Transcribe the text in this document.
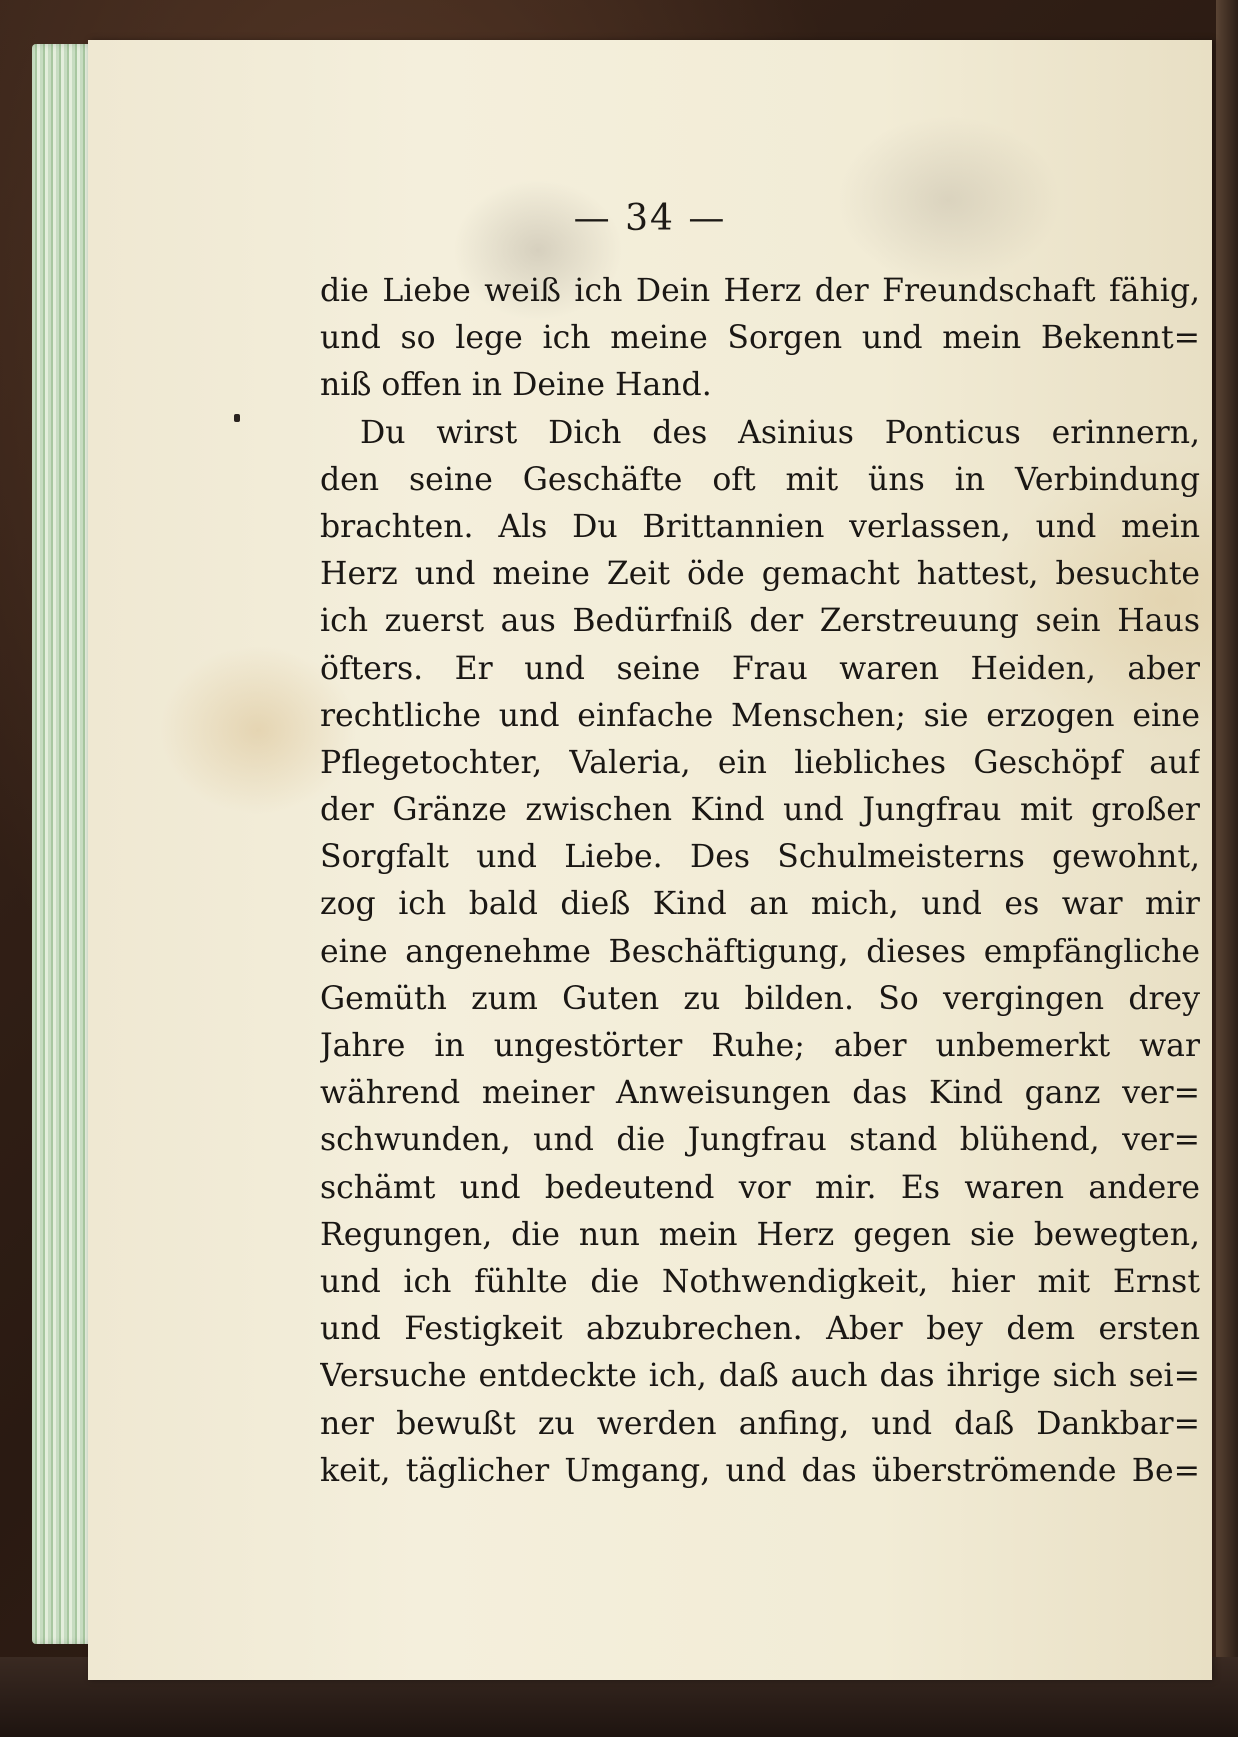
— 34 —
die Liebe weiß ich Dein Herz der Freundschaft fähig,
und so lege ich meine Sorgen und mein Bekennt=
niß offen in Deine Hand.
Du wirst Dich des Asinius Ponticus erinnern,
den seine Geschäfte oft mit üns in Verbindung
brachten. Als Du Brittannien verlassen, und mein
Herz und meine Zeit öde gemacht hattest, besuchte
ich zuerst aus Bedürfniß der Zerstreuung sein Haus
öfters. Er und seine Frau waren Heiden, aber
rechtliche und einfache Menschen; sie erzogen eine
Pflegetochter, Valeria, ein liebliches Geschöpf auf
der Gränze zwischen Kind und Jungfrau mit großer
Sorgfalt und Liebe. Des Schulmeisterns gewohnt,
zog ich bald dieß Kind an mich, und es war mir
eine angenehme Beschäftigung, dieses empfängliche
Gemüth zum Guten zu bilden. So vergingen drey
Jahre in ungestörter Ruhe; aber unbemerkt war
während meiner Anweisungen das Kind ganz ver=
schwunden, und die Jungfrau stand blühend, ver=
schämt und bedeutend vor mir. Es waren andere
Regungen, die nun mein Herz gegen sie bewegten,
und ich fühlte die Nothwendigkeit, hier mit Ernst
und Festigkeit abzubrechen. Aber bey dem ersten
Versuche entdeckte ich, daß auch das ihrige sich sei=
ner bewußt zu werden anfing, und daß Dankbar=
keit, täglicher Umgang, und das überströmende Be=
